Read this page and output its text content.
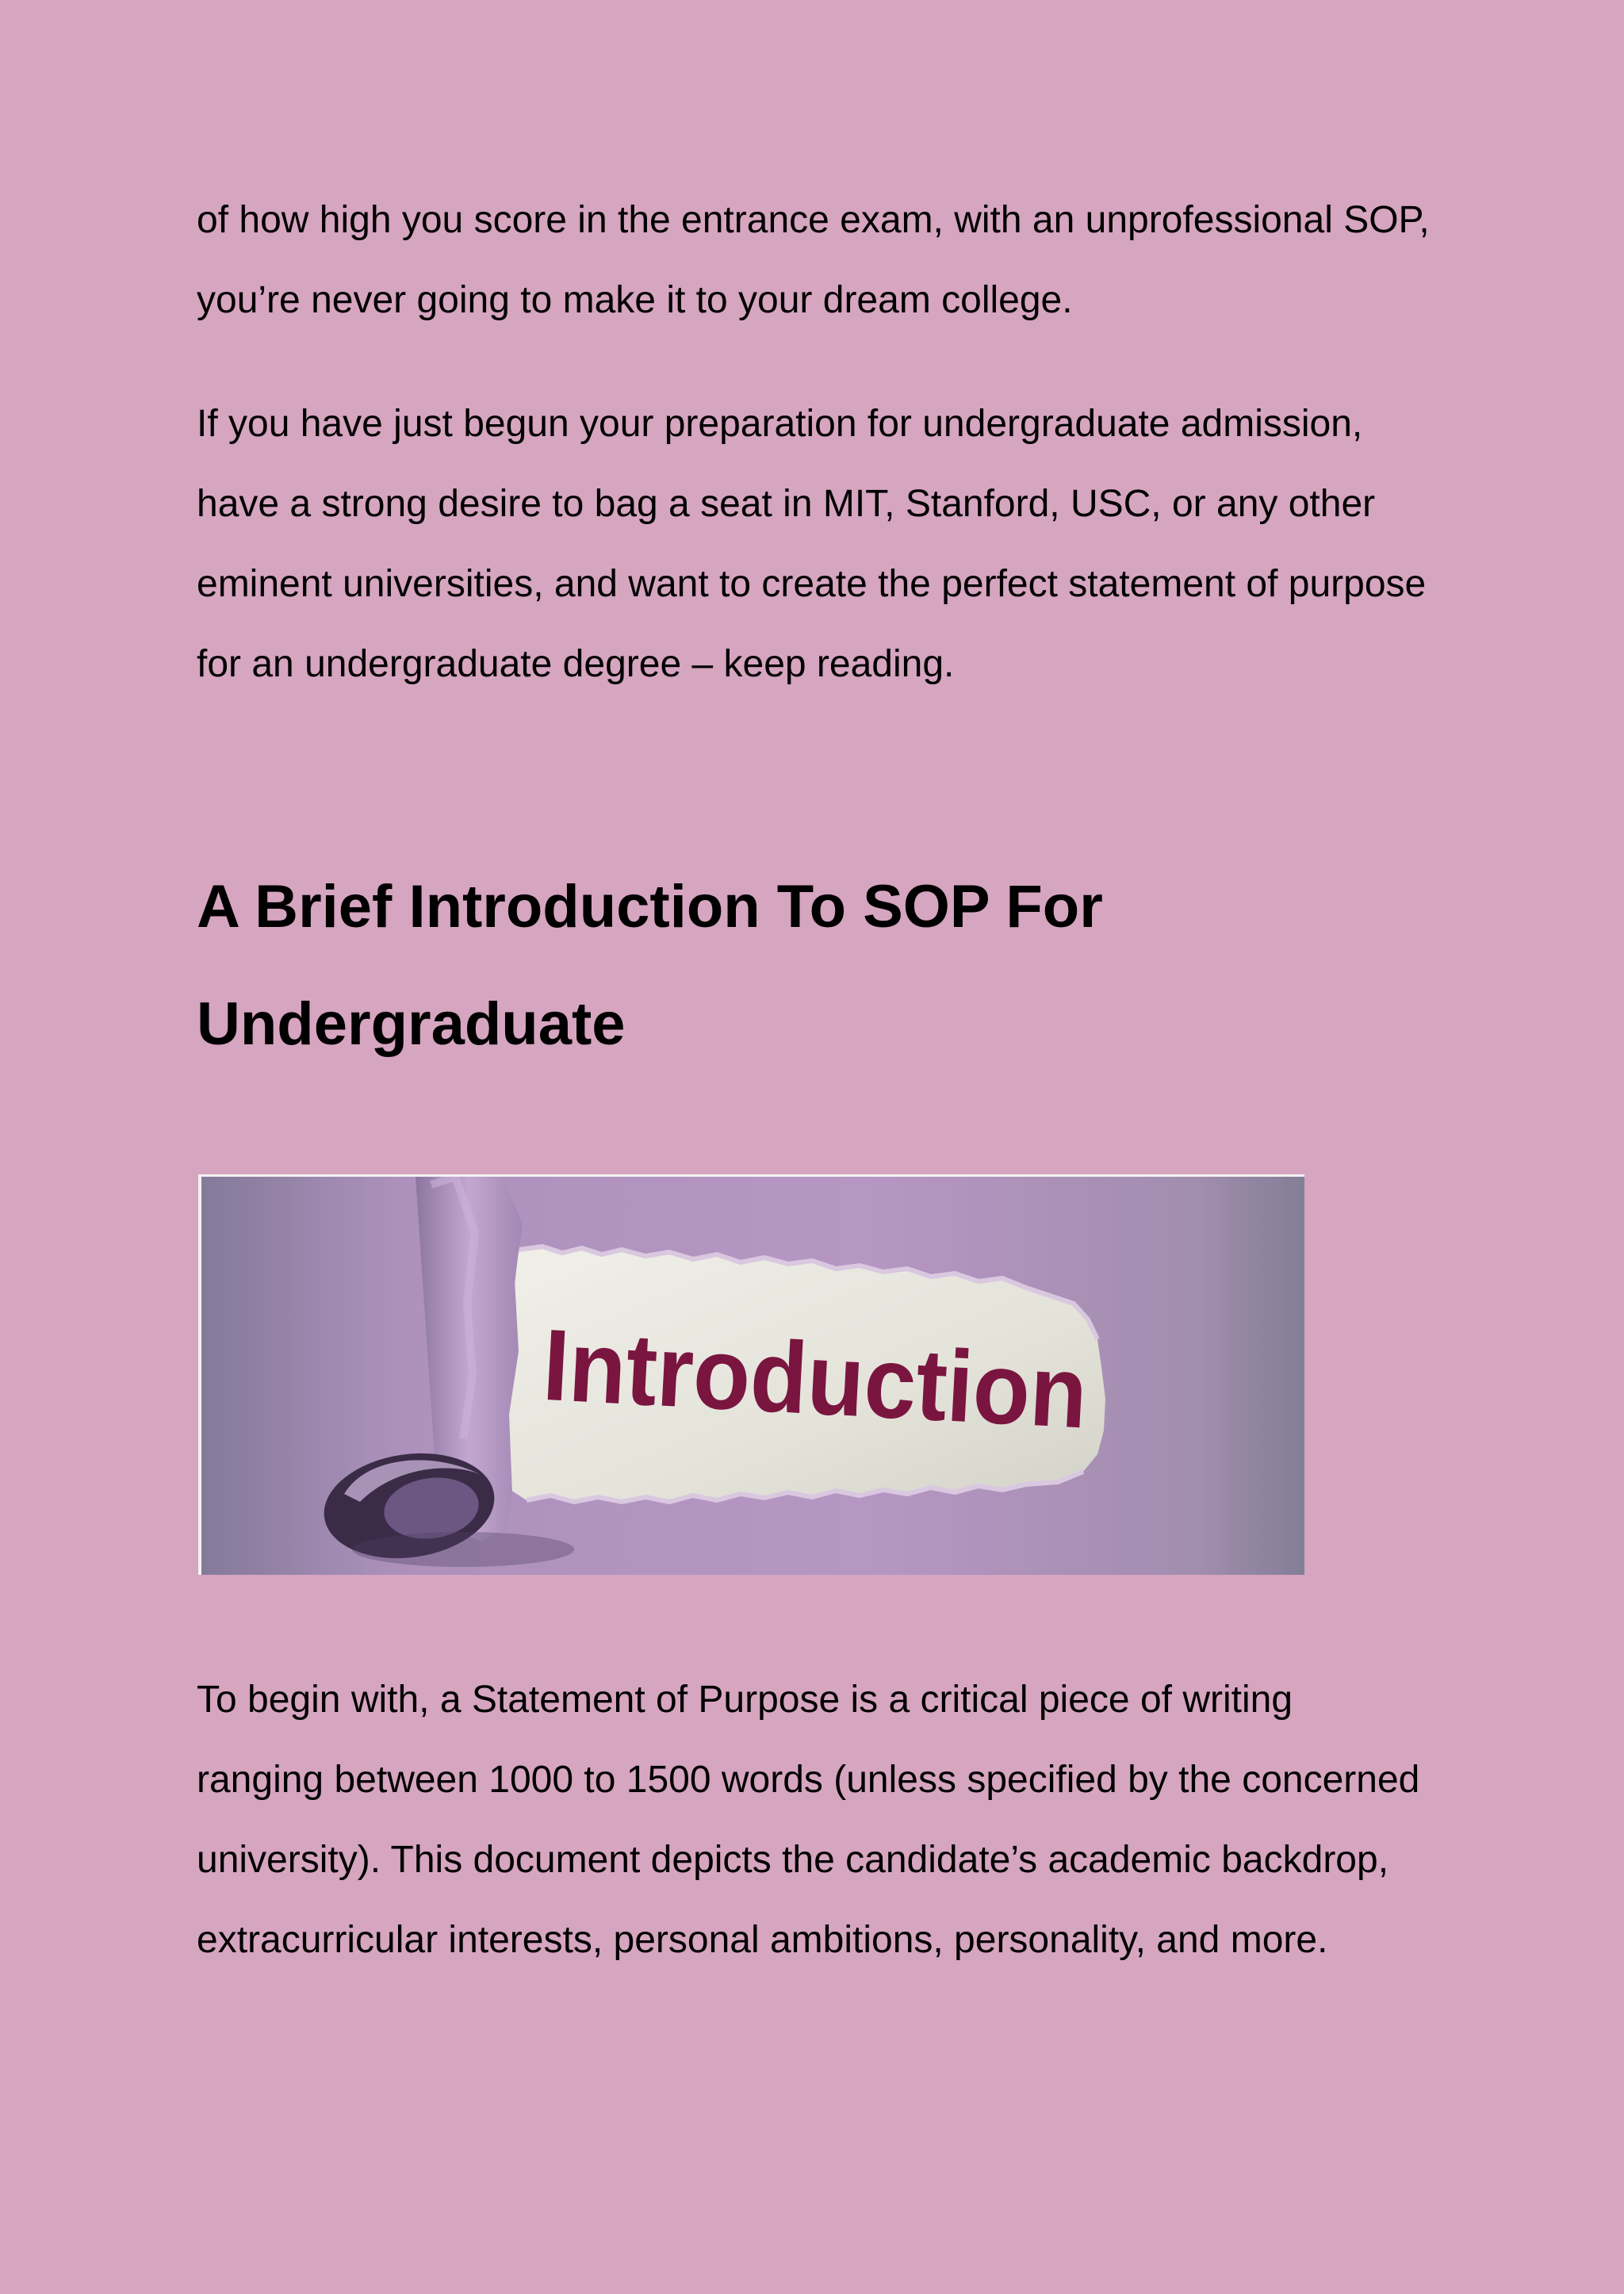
of how high you score in the entrance exam, with an unprofessional SOP, you’re never going to make it to your dream college.

If you have just begun your preparation for undergraduate admission, have a strong desire to bag a seat in MIT, Stanford, USC, or any other eminent universities, and want to create the perfect statement of purpose for an undergraduate degree – keep reading.

A Brief Introduction To SOP For Undergraduate
Introduction

To begin with, a Statement of Purpose is a critical piece of writing
ranging between 1000 to 1500 words (unless specified by the concerned university). This document depicts the candidate’s academic backdrop, extracurricular interests, personal ambitions, personality, and more.
